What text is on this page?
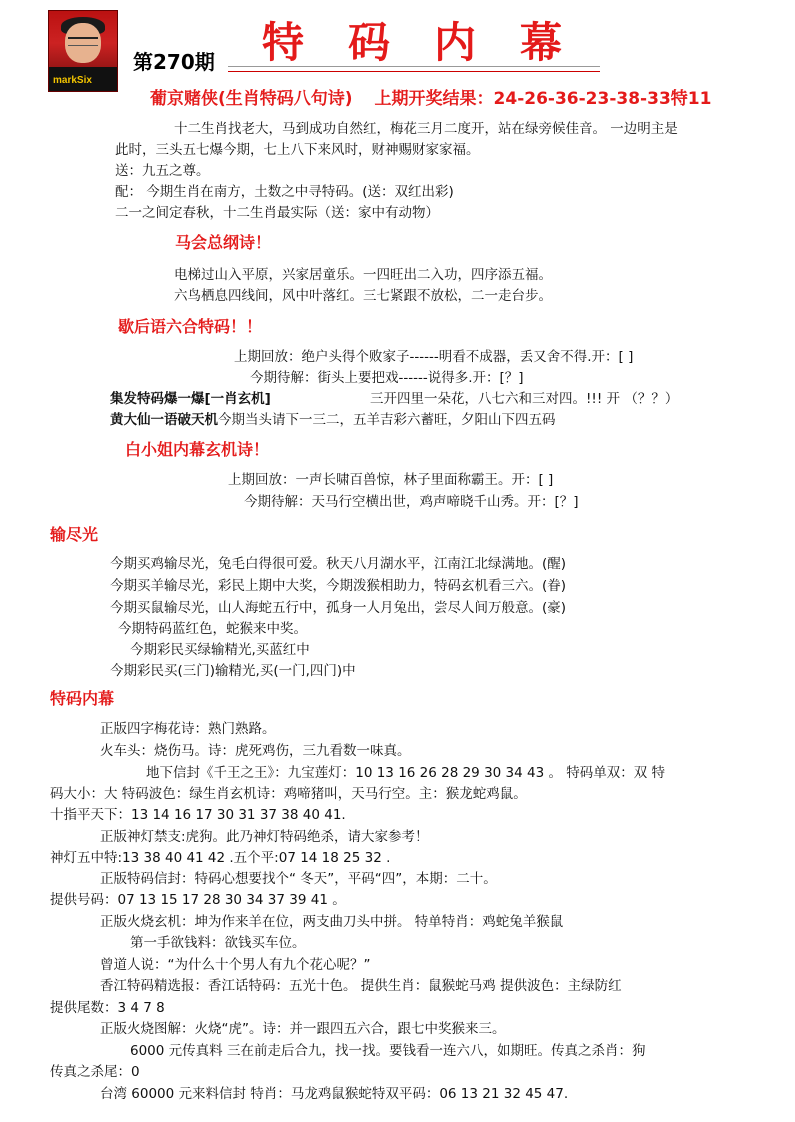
markSix
第270期 特码内幕
葡京赌侠(生肖特码八句诗) 上期开奖结果：24-26-36-23-38-33特11
十二生肖找老大，马到成功自然红，梅花三月二度开，站在绿旁候佳音。 一边明主是
此时，三头五七爆今期，七上八下来风时，财神赐财家家福。
送：九五之尊。
配： 今期生肖在南方，土数之中寻特码。(送：双红出彩)
二一之间定春秋，十二生肖最实际（送：家中有动物）
马会总纲诗！
电梯过山入平原，兴家居童乐。一四旺出二入功，四序添五福。
六鸟栖息四线间，风中叶落红。三七紧跟不放松，二一走台步。
歇后语六合特码！！
上期回放：绝户头得个败家子------明看不成器，丢又舍不得.开：[ ]
今期待解：街头上要把戏------说得多.开：[？]
集发特码爆一爆[一肖玄机]	三开四里一朵花，八七六和三对四。!!! 开 （？？）
黄大仙一语破天机今期当头请下一三二，五羊吉彩六蓄旺，夕阳山下四五码
白小姐内幕玄机诗！
上期回放：一声长啸百兽惊，林子里面称霸王。开：[ ]
今期待解：天马行空横出世，鸡声啼晓千山秀。开：[？]
输尽光
今期买鸡输尽光，兔毛白得很可爱。秋天八月湖水平，江南江北绿满地。(醒)
今期买羊输尽光，彩民上期中大奖，今期泼猴相助力，特码玄机看三六。(眷)
今期买鼠输尽光，山人海蛇五行中，孤身一人月兔出，尝尽人间万般意。(豪)
今期特码蓝红色，蛇猴来中奖。
今期彩民买绿输精光,买蓝红中
今期彩民买(三门)输精光,买(一门,四门)中
特码内幕
正版四字梅花诗：熟门熟路。
火车头：烧伤马。诗：虎死鸡伤，三九看数一味真。
地下信封《千王之王》：九宝莲灯：10 13 16 26 28 29 30 34 43 。 特码单双：双 特
码大小：大 特码波色：绿生肖玄机诗：鸡啼猪叫，天马行空。主：猴龙蛇鸡鼠。
十指平天下：13 14 16 17 30 31 37 38 40 41.
正版神灯禁支:虎狗。此乃神灯特码绝杀，请大家参考！
神灯五中特:13 38 40 41 42 .五个平:07 14 18 25 32 .
正版特码信封：特码心想要找个“ 冬天”，平码“四”，本期：二十。
提供号码：07 13 15 17 28 30 34 37 39 41 。
正版火烧玄机：坤为作来羊在位，两支曲刀头中拼。 特单特肖：鸡蛇兔羊猴鼠
第一手欲钱料：欲钱买车位。
曾道人说：“为什么十个男人有九个花心呢？”
香江特码精选报：香江话特码：五光十色。 提供生肖：鼠猴蛇马鸡 提供波色：主绿防红
提供尾数：3 4 7 8
正版火烧图解：火烧“虎”。诗：并一跟四五六合，跟七中奖猴来三。
6000 元传真料 三在前走后合九，找一找。要钱看一连六八，如期旺。传真之杀肖：狗
传真之杀尾：0
台湾 60000 元来料信封 特肖：马龙鸡鼠猴蛇特双平码：06 13 21 32 45 47.
